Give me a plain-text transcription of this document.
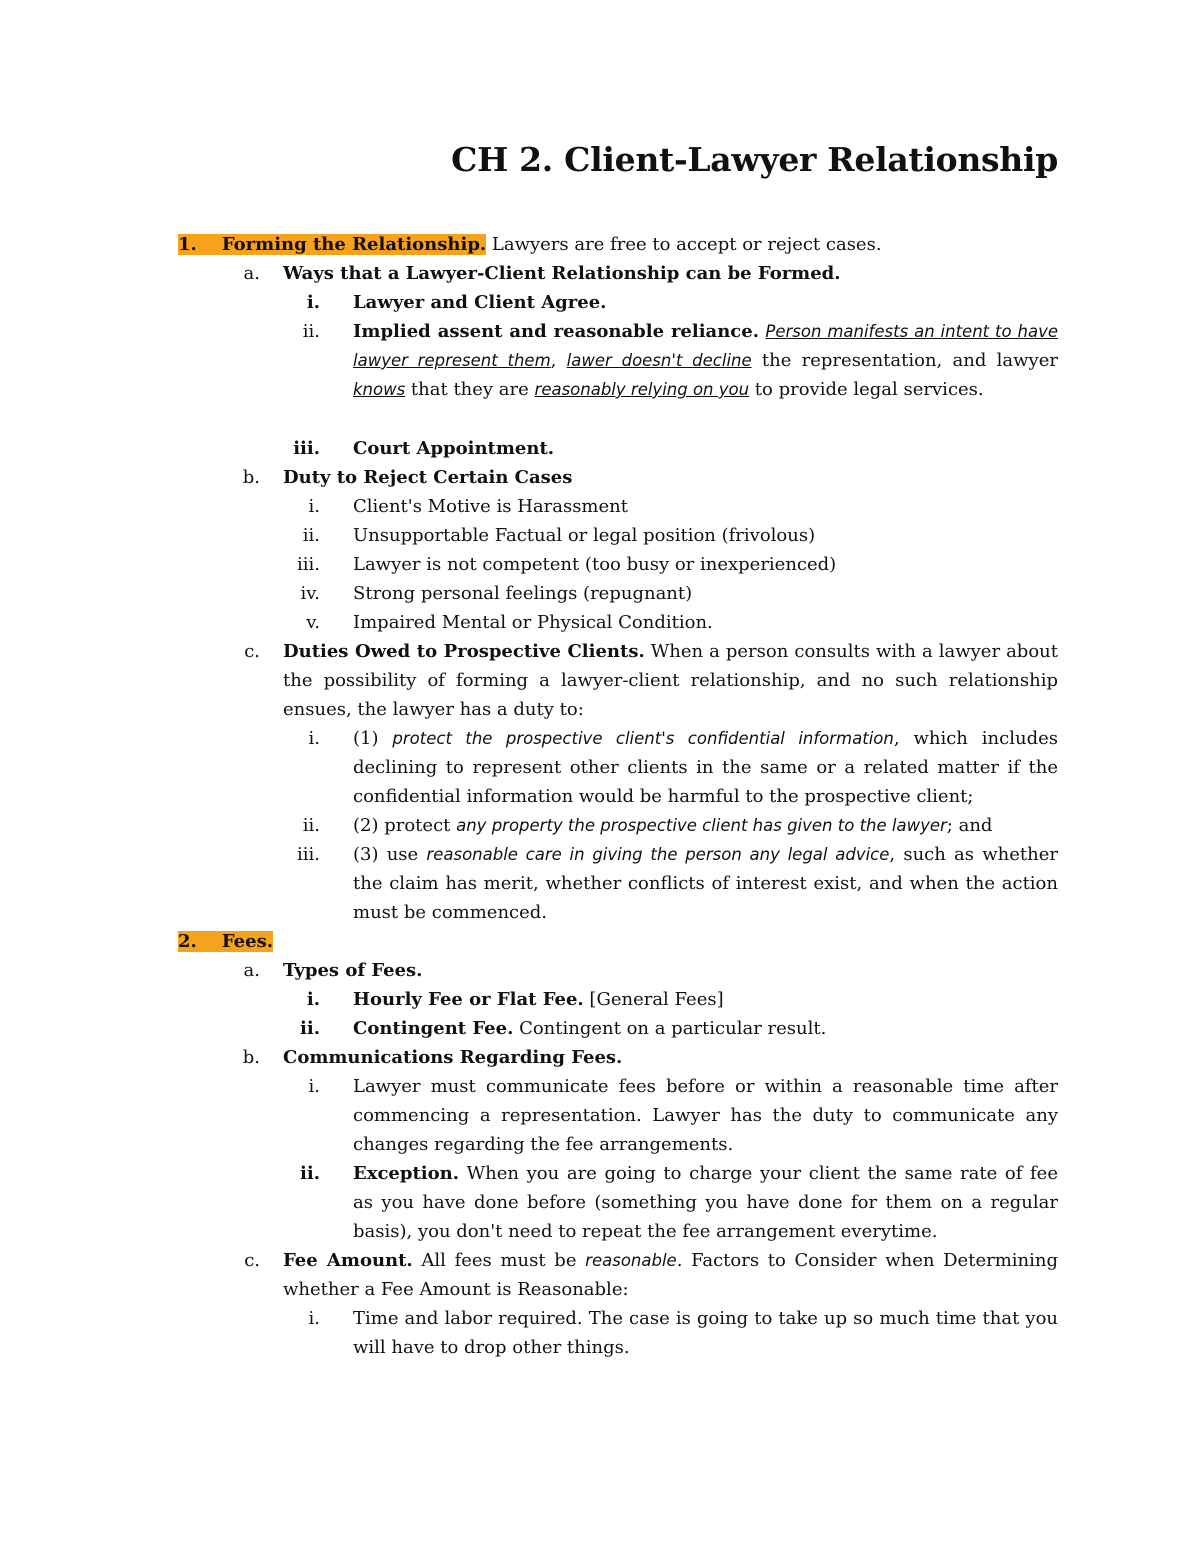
CH 2. Client-Lawyer Relationship
1. Forming the Relationship. Lawyers are free to accept or reject cases.
a. Ways that a Lawyer-Client Relationship can be Formed.
i. Lawyer and Client Agree.
ii. Implied assent and reasonable reliance. Person manifests an intent to have lawyer represent them, lawer doesn't decline the representation, and lawyer knows that they are reasonably relying on you to provide legal services.
iii. Court Appointment.
b. Duty to Reject Certain Cases
i. Client's Motive is Harassment
ii. Unsupportable Factual or legal position (frivolous)
iii. Lawyer is not competent (too busy or inexperienced)
iv. Strong personal feelings (repugnant)
v. Impaired Mental or Physical Condition.
c. Duties Owed to Prospective Clients. When a person consults with a lawyer about the possibility of forming a lawyer-client relationship, and no such relationship ensues, the lawyer has a duty to:
i. (1) protect the prospective client's confidential information, which includes declining to represent other clients in the same or a related matter if the confidential information would be harmful to the prospective client;
ii. (2) protect any property the prospective client has given to the lawyer; and
iii. (3) use reasonable care in giving the person any legal advice, such as whether the claim has merit, whether conflicts of interest exist, and when the action must be commenced.
2. Fees.
a. Types of Fees.
i. Hourly Fee or Flat Fee. [General Fees]
ii. Contingent Fee. Contingent on a particular result.
b. Communications Regarding Fees.
i. Lawyer must communicate fees before or within a reasonable time after commencing a representation. Lawyer has the duty to communicate any changes regarding the fee arrangements.
ii. Exception. When you are going to charge your client the same rate of fee as you have done before (something you have done for them on a regular basis), you don't need to repeat the fee arrangement everytime.
c. Fee Amount. All fees must be reasonable. Factors to Consider when Determining whether a Fee Amount is Reasonable:
i. Time and labor required. The case is going to take up so much time that you will have to drop other things.
